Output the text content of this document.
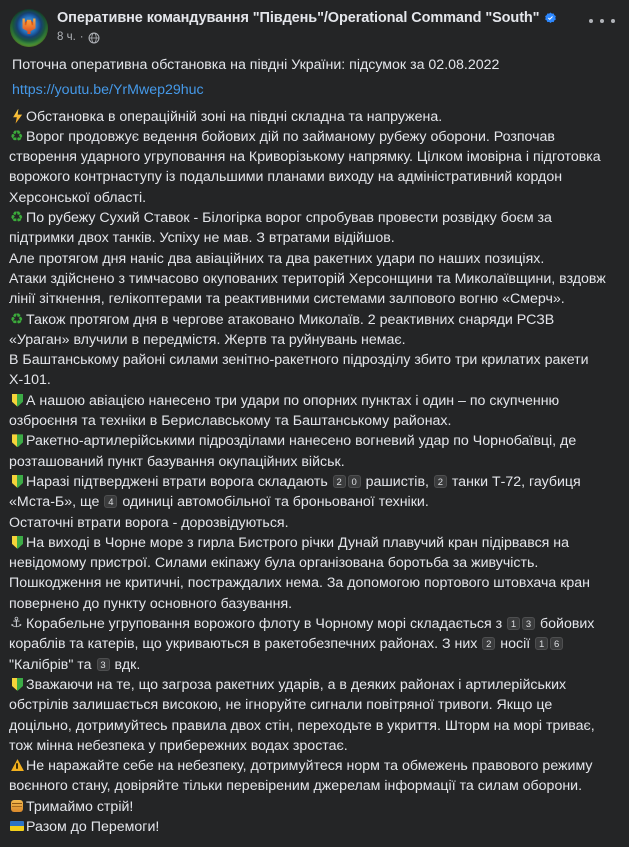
Оперативне командування "Південь"/Operational Command "South"
8 ч. ·

Поточна оперативна обстановка на півдні України: підсумок за 02.08.2022

https://youtu.be/YrMwep29huc

Обстановка в операційній зоні на півдні складна та напружена.

♻Ворог продовжує ведення бойових дій по займаному рубежу оборони. Розпочав створення ударного угруповання на Криворізькому напрямку. Цілком імовірна і підготовка ворожого контрнаступу із подальшими планами виходу на адміністративний кордон Херсонської області.

♻По рубежу Сухий Ставок - Білогірка ворог спробував провести розвідку боєм за підтримки двох танків. Успіху не мав. З втратами відійшов.

Але протягом дня наніс два авіаційних та два ракетних удари по наших позиціях.

Атаки здійснено з тимчасово окупованих територій Херсонщини та Миколаївщини, вздовж лінії зіткнення, гелікоптерами та реактивними системами залпового вогню «Смерч».

♻Також протягом дня в чергове атаковано Миколаїв. 2 реактивних снаряди РСЗВ «Ураган» влучили в передмістя. Жертв та руйнувань немає.

В Баштанському районі силами зенітно-ракетного підрозділу збито три крилатих ракети Х-101.

А нашою авіацією нанесено три удари по опорних пунктах і один – по скупченню озброєння та техніки в Бериславському та Баштанському районах.

Ракетно-артилерійськими підрозділами нанесено вогневий удар по Чорнобаївці, де розташований пункт базування окупаційних військ.

Наразі підтверджені втрати ворога складають 2 0 рашистів, 2 танки Т-72, гаубиця «Мста-Б», ще 4 одиниці автомобільної та броньованої техніки.

Остаточні втрати ворога - дорозвідуються.

На виході в Чорне море з гирла Бистрого річки Дунай плавучий кран підірвався на невідомому пристрої. Силами екіпажу була організована боротьба за живучість. Пошкодження не критичні, постраждалих нема. За допомогою портового штовхача кран повернено до пункту основного базування.

⚓Корабельне угруповання ворожого флоту в Чорному морі складається з 1 3 бойових кораблів та катерів, що укриваються в ракетобезпечних районах. З них 2 носії 1 6 "Калібрів" та 3 вдк.

Зважаючи на те, що загроза ракетних ударів, а в деяких районах і артилерійських обстрілів залишається високою, не ігноруйте сигнали повітряної тривоги. Якщо це доцільно, дотримуйтесь правила двох стін, переходьте в укриття. Шторм на морі триває, тож мінна небезпека у прибережних водах зростає.

Не наражайте себе на небезпеку, дотримуйтеся норм та обмежень правового режиму воєнного стану, довіряйте тільки перевіреним джерелам інформації та силам оборони.

Тримаймо стрій!

Разом до Перемоги!
